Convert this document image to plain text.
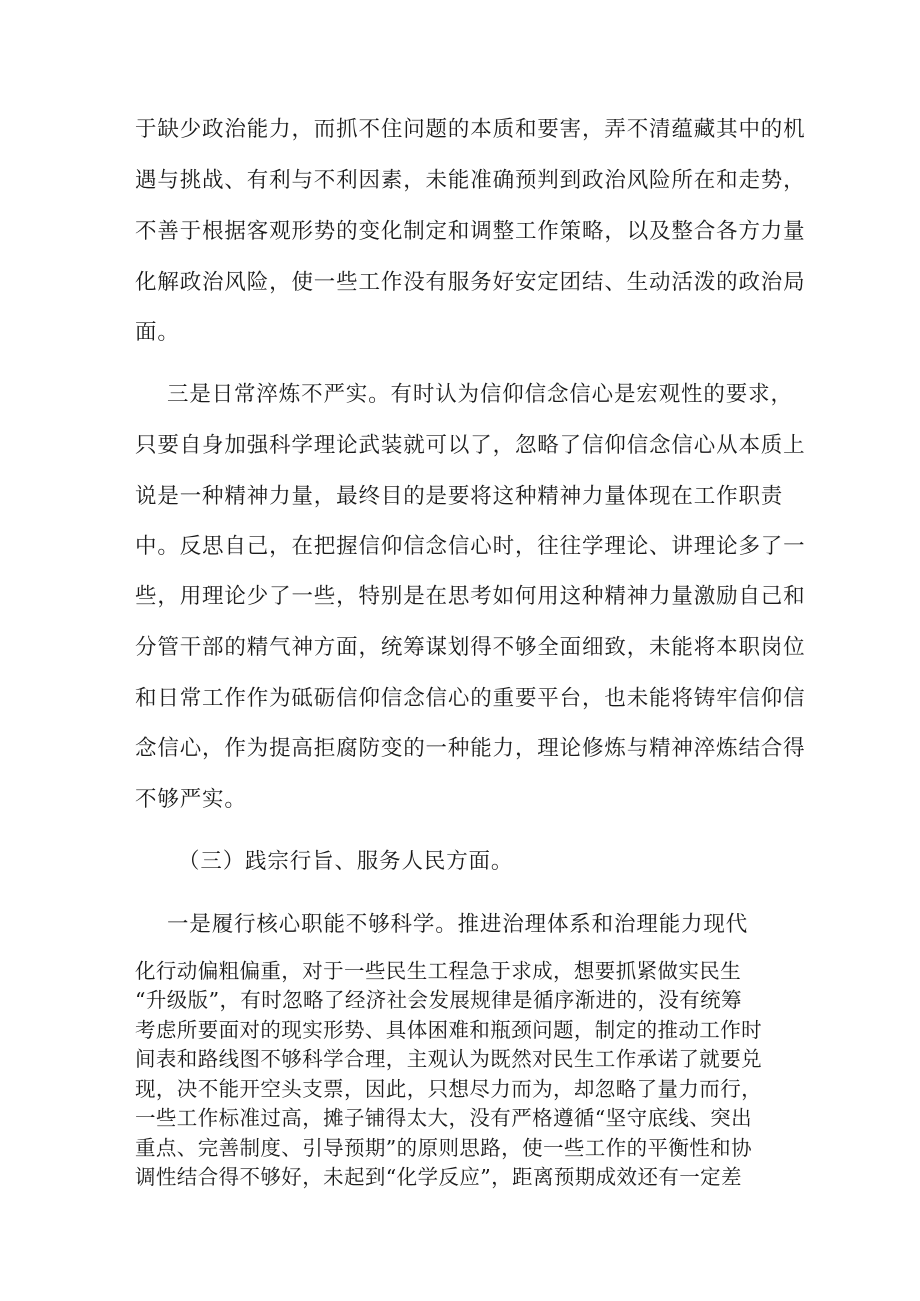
于缺少政治能力，而抓不住问题的本质和要害，弄不清蕴藏其中的机
遇与挑战、有利与不利因素，未能准确预判到政治风险所在和走势，
不善于根据客观形势的变化制定和调整工作策略，以及整合各方力量
化解政治风险，使一些工作没有服务好安定团结、生动活泼的政治局
面。
三是日常淬炼不严实。有时认为信仰信念信心是宏观性的要求，
只要自身加强科学理论武装就可以了，忽略了信仰信念信心从本质上
说是一种精神力量，最终目的是要将这种精神力量体现在工作职责
中。反思自己，在把握信仰信念信心时，往往学理论、讲理论多了一
些，用理论少了一些，特别是在思考如何用这种精神力量激励自己和
分管干部的精气神方面，统筹谋划得不够全面细致，未能将本职岗位
和日常工作作为砥砺信仰信念信心的重要平台，也未能将铸牢信仰信
念信心，作为提高拒腐防变的一种能力，理论修炼与精神淬炼结合得
不够严实。
（三）践宗行旨、服务人民方面。
一是履行核心职能不够科学。推进治理体系和治理能力现代
化行动偏粗偏重，对于一些民生工程急于求成，想要抓紧做实民生
“升级版”，有时忽略了经济社会发展规律是循序渐进的，没有统筹
考虑所要面对的现实形势、具体困难和瓶颈问题，制定的推动工作时
间表和路线图不够科学合理，主观认为既然对民生工作承诺了就要兑
现，决不能开空头支票，因此，只想尽力而为，却忽略了量力而行，
一些工作标准过高，摊子铺得太大，没有严格遵循“坚守底线、突出
重点、完善制度、引导预期”的原则思路，使一些工作的平衡性和协
调性结合得不够好，未起到“化学反应”，距离预期成效还有一定差
